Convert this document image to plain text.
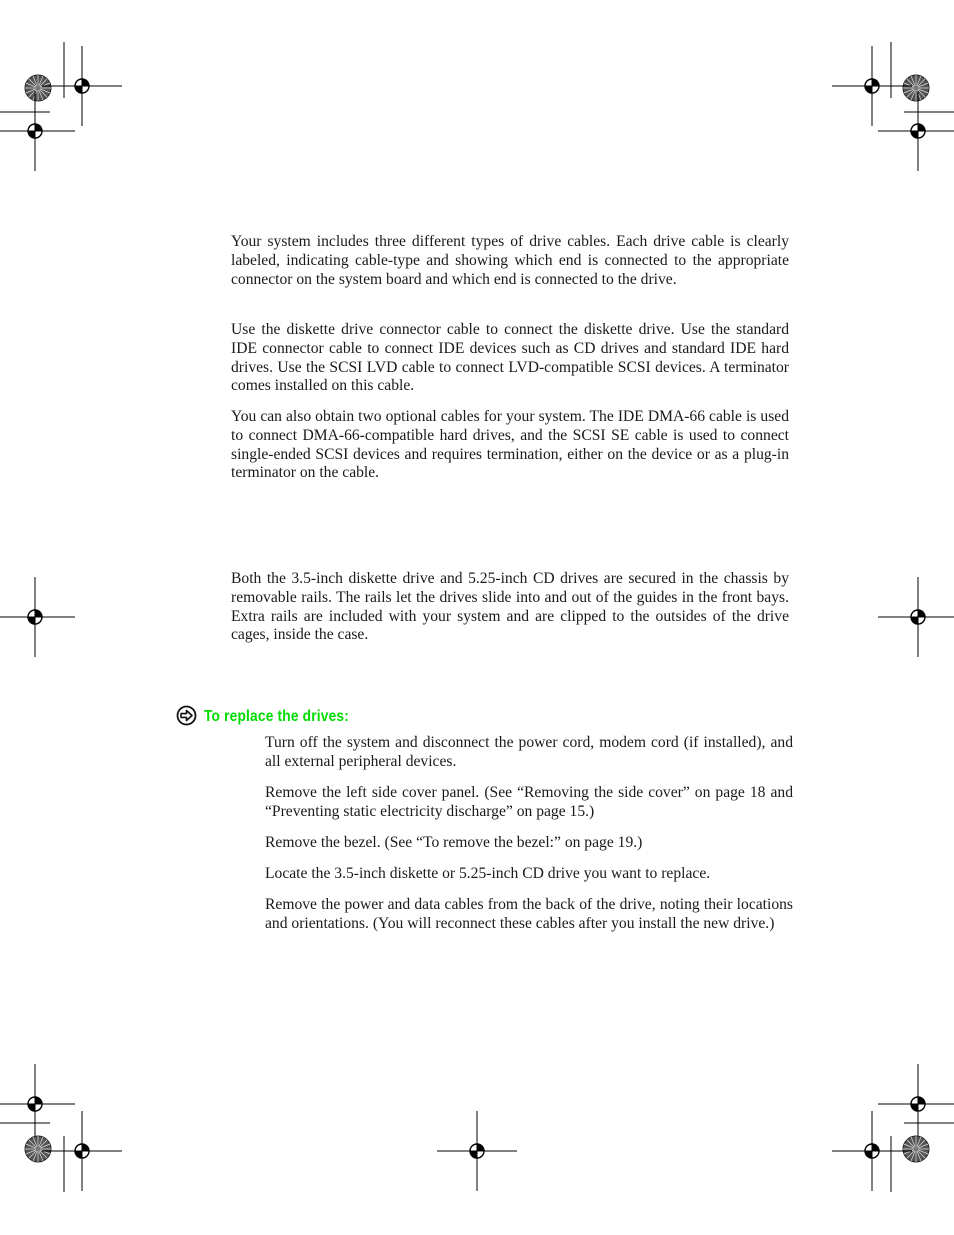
Your system includes three different types of drive cables. Each drive cable is clearly labeled, indicating cable-type and showing which end is connected to the appropriate connector on the system board and which end is connected to the drive.

Use the diskette drive connector cable to connect the diskette drive. Use the standard IDE connector cable to connect IDE devices such as CD drives and standard IDE hard drives. Use the SCSI LVD cable to connect LVD-compatible SCSI devices. A terminator comes installed on this cable.

You can also obtain two optional cables for your system. The IDE DMA-66 cable is used to connect DMA-66-compatible hard drives, and the SCSI SE cable is used to connect single-ended SCSI devices and requires termination, either on the device or as a plug-in terminator on the cable.

Both the 3.5-inch diskette drive and 5.25-inch CD drives are secured in the chassis by removable rails. The rails let the drives slide into and out of the guides in the front bays. Extra rails are included with your system and are clipped to the outsides of the drive cages, inside the case.

To replace the drives:

Turn off the system and disconnect the power cord, modem cord (if installed), and all external peripheral devices.

Remove the left side cover panel. (See “Removing the side cover” on page 18 and “Preventing static electricity discharge” on page 15.)

Remove the bezel. (See “To remove the bezel:” on page 19.)

Locate the 3.5-inch diskette or 5.25-inch CD drive you want to replace.

Remove the power and data cables from the back of the drive, noting their locations and orientations. (You will reconnect these cables after you install the new drive.)
